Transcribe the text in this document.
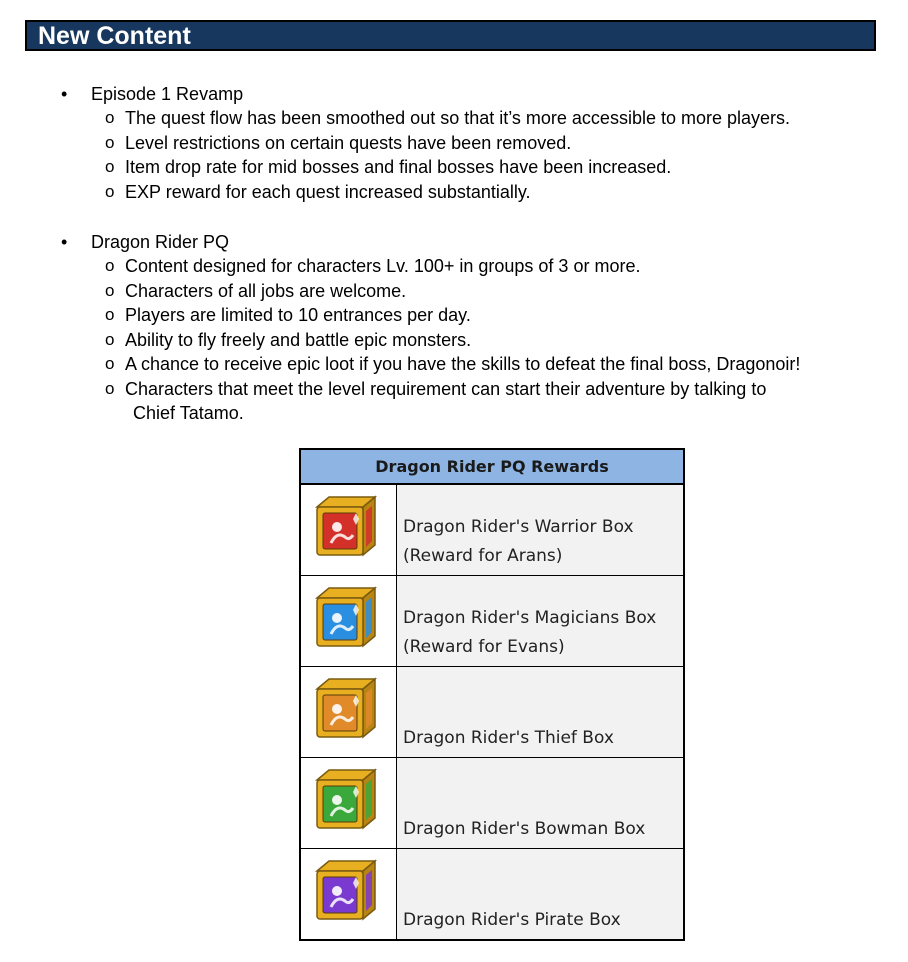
New Content
• Episode 1 Revamp
o The quest flow has been smoothed out so that it’s more accessible to more players.
o Level restrictions on certain quests have been removed.
o Item drop rate for mid bosses and final bosses have been increased.
o EXP reward for each quest increased substantially.
• Dragon Rider PQ
o Content designed for characters Lv. 100+ in groups of 3 or more.
o Characters of all jobs are welcome.
o Players are limited to 10 entrances per day.
o Ability to fly freely and battle epic monsters.
o A chance to receive epic loot if you have the skills to defeat the final boss, Dragonoir!
o Characters that meet the level requirement can start their adventure by talking to
Chief Tatamo.
Dragon Rider PQ Rewards
Dragon Rider's Warrior Box
(Reward for Arans)
Dragon Rider's Magicians Box
(Reward for Evans)
Dragon Rider's Thief Box
Dragon Rider's Bowman Box
Dragon Rider's Pirate Box
